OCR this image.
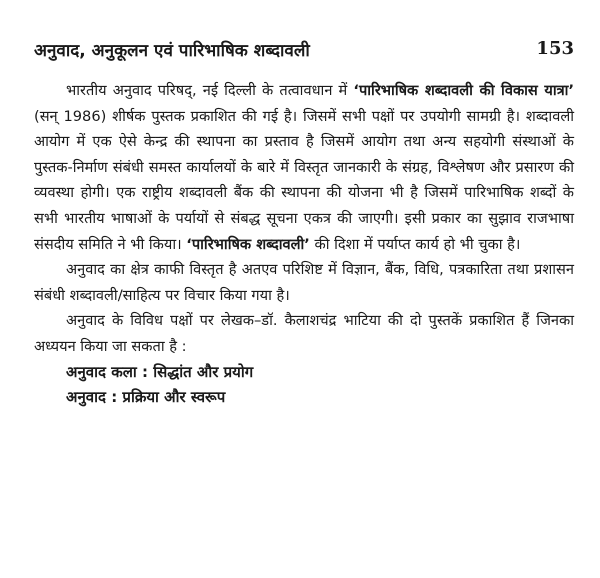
अनुवाद, अनुकूलन एवं पारिभाषिक शब्दावली	153

भारतीय अनुवाद परिषद्, नई दिल्ली के तत्वावधान में ‘पारिभाषिक शब्दावली की विकास यात्रा’ (सन् 1986) शीर्षक पुस्तक प्रकाशित की गई है। जिसमें सभी पक्षों पर उपयोगी सामग्री है। शब्दावली आयोग में एक ऐसे केन्द्र की स्थापना का प्रस्ताव है जिसमें आयोग तथा अन्य सहयोगी संस्थाओं के पुस्तक-निर्माण संबंधी समस्त कार्यालयों के बारे में विस्तृत जानकारी के संग्रह, विश्लेषण और प्रसारण की व्यवस्था होगी। एक राष्ट्रीय शब्दावली बैंक की स्थापना की योजना भी है जिसमें पारिभाषिक शब्दों के सभी भारतीय भाषाओं के पर्यायों से संबद्ध सूचना एकत्र की जाएगी। इसी प्रकार का सुझाव राजभाषा संसदीय समिति ने भी किया। ‘पारिभाषिक शब्दावली’ की दिशा में पर्याप्त कार्य हो भी चुका है।

अनुवाद का क्षेत्र काफी विस्तृत है अतएव परिशिष्ट में विज्ञान, बैंक, विधि, पत्रकारिता तथा प्रशासन संबंधी शब्दावली/साहित्य पर विचार किया गया है।

अनुवाद के विविध पक्षों पर लेखक–डॉ. कैलाशचंद्र भाटिया की दो पुस्तकें प्रकाशित हैं जिनका अध्ययन किया जा सकता है :

अनुवाद कला : सिद्धांत और प्रयोग
अनुवाद : प्रक्रिया और स्वरूप
